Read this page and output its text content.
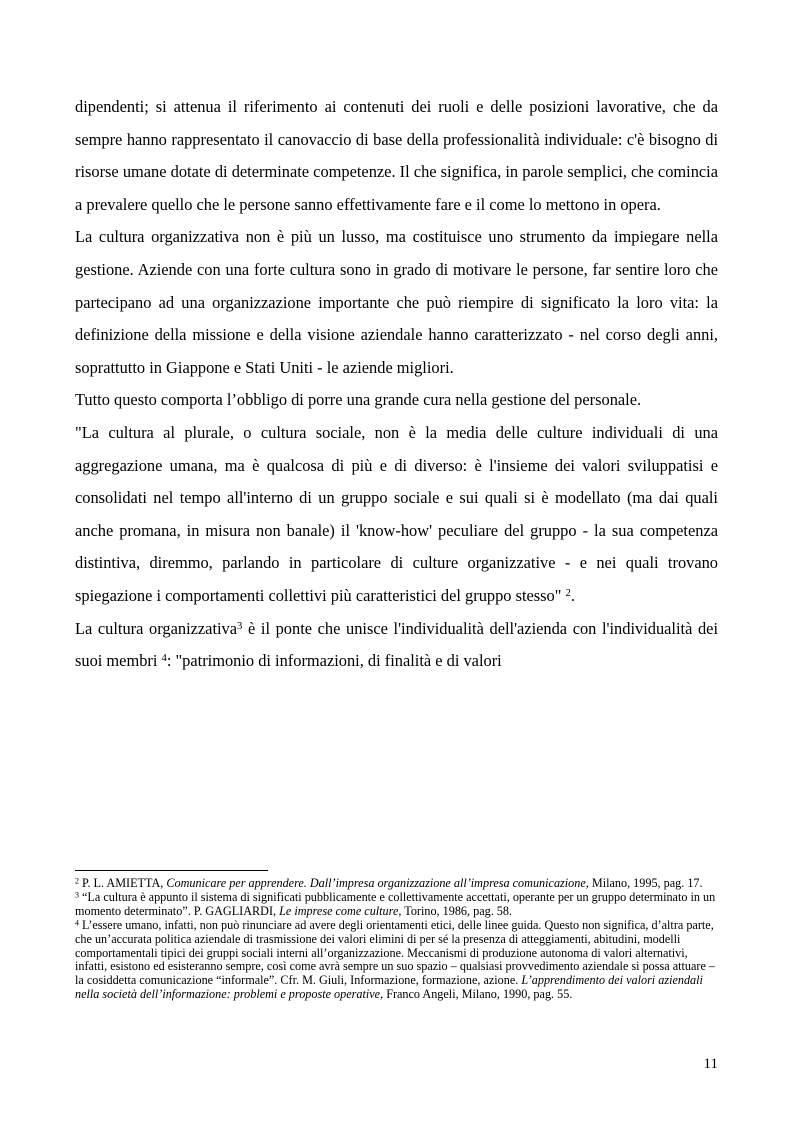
dipendenti; si attenua il riferimento ai contenuti dei ruoli e delle posizioni lavorative, che da sempre hanno rappresentato il canovaccio di base della professionalità individuale: c'è bisogno di risorse umane dotate di determinate competenze. Il che significa, in parole semplici, che comincia a prevalere quello che le persone sanno effettivamente fare e il come lo mettono in opera.

La cultura organizzativa non è più un lusso, ma costituisce uno strumento da impiegare nella gestione. Aziende con una forte cultura sono in grado di motivare le persone, far sentire loro che partecipano ad una organizzazione importante che può riempire di significato la loro vita: la definizione della missione e della visione aziendale hanno caratterizzato - nel corso degli anni, soprattutto in Giappone e Stati Uniti - le aziende migliori.

Tutto questo comporta l’obbligo di porre una grande cura nella gestione del personale.

"La cultura al plurale, o cultura sociale, non è la media delle culture individuali di una aggregazione umana, ma è qualcosa di più e di diverso: è l'insieme dei valori sviluppatisi e consolidati nel tempo all'interno di un gruppo sociale e sui quali si è modellato (ma dai quali anche promana, in misura non banale) il 'know-how' peculiare del gruppo - la sua competenza distintiva, diremmo, parlando in particolare di culture organizzative - e nei quali trovano spiegazione i comportamenti collettivi più caratteristici del gruppo stesso" $^2$.

La cultura organizzativa$^3$ è il ponte che unisce l'individualità dell'azienda con l'individualità dei suoi membri $^4$: "patrimonio di informazioni, di finalità e di valori

$^2$ P. L. AMIETTA, Comunicare per apprendere. Dall’impresa organizzazione all’impresa comunicazione, Milano, 1995, pag. 17.

$^3$ “La cultura è appunto il sistema di significati pubblicamente e collettivamente accettati, operante per un gruppo determinato in un momento determinato”. P. GAGLIARDI, Le imprese come culture, Torino, 1986, pag. 58.

$^4$ L’essere umano, infatti, non può rinunciare ad avere degli orientamenti etici, delle linee guida. Questo non significa, d’altra parte, che un’accurata politica aziendale di trasmissione dei valori elimini di per sé la presenza di atteggiamenti, abitudini, modelli comportamentali tipici dei gruppi sociali interni all’organizzazione. Meccanismi di produzione autonoma di valori alternativi, infatti, esistono ed esisteranno sempre, così come avrà sempre un suo spazio – qualsiasi provvedimento aziendale si possa attuare – la cosiddetta comunicazione “informale”. Cfr. M. Giuli, Informazione, formazione, azione. L’apprendimento dei valori aziendali nella società dell’informazione: problemi e proposte operative, Franco Angeli, Milano, 1990, pag. 55.

11
